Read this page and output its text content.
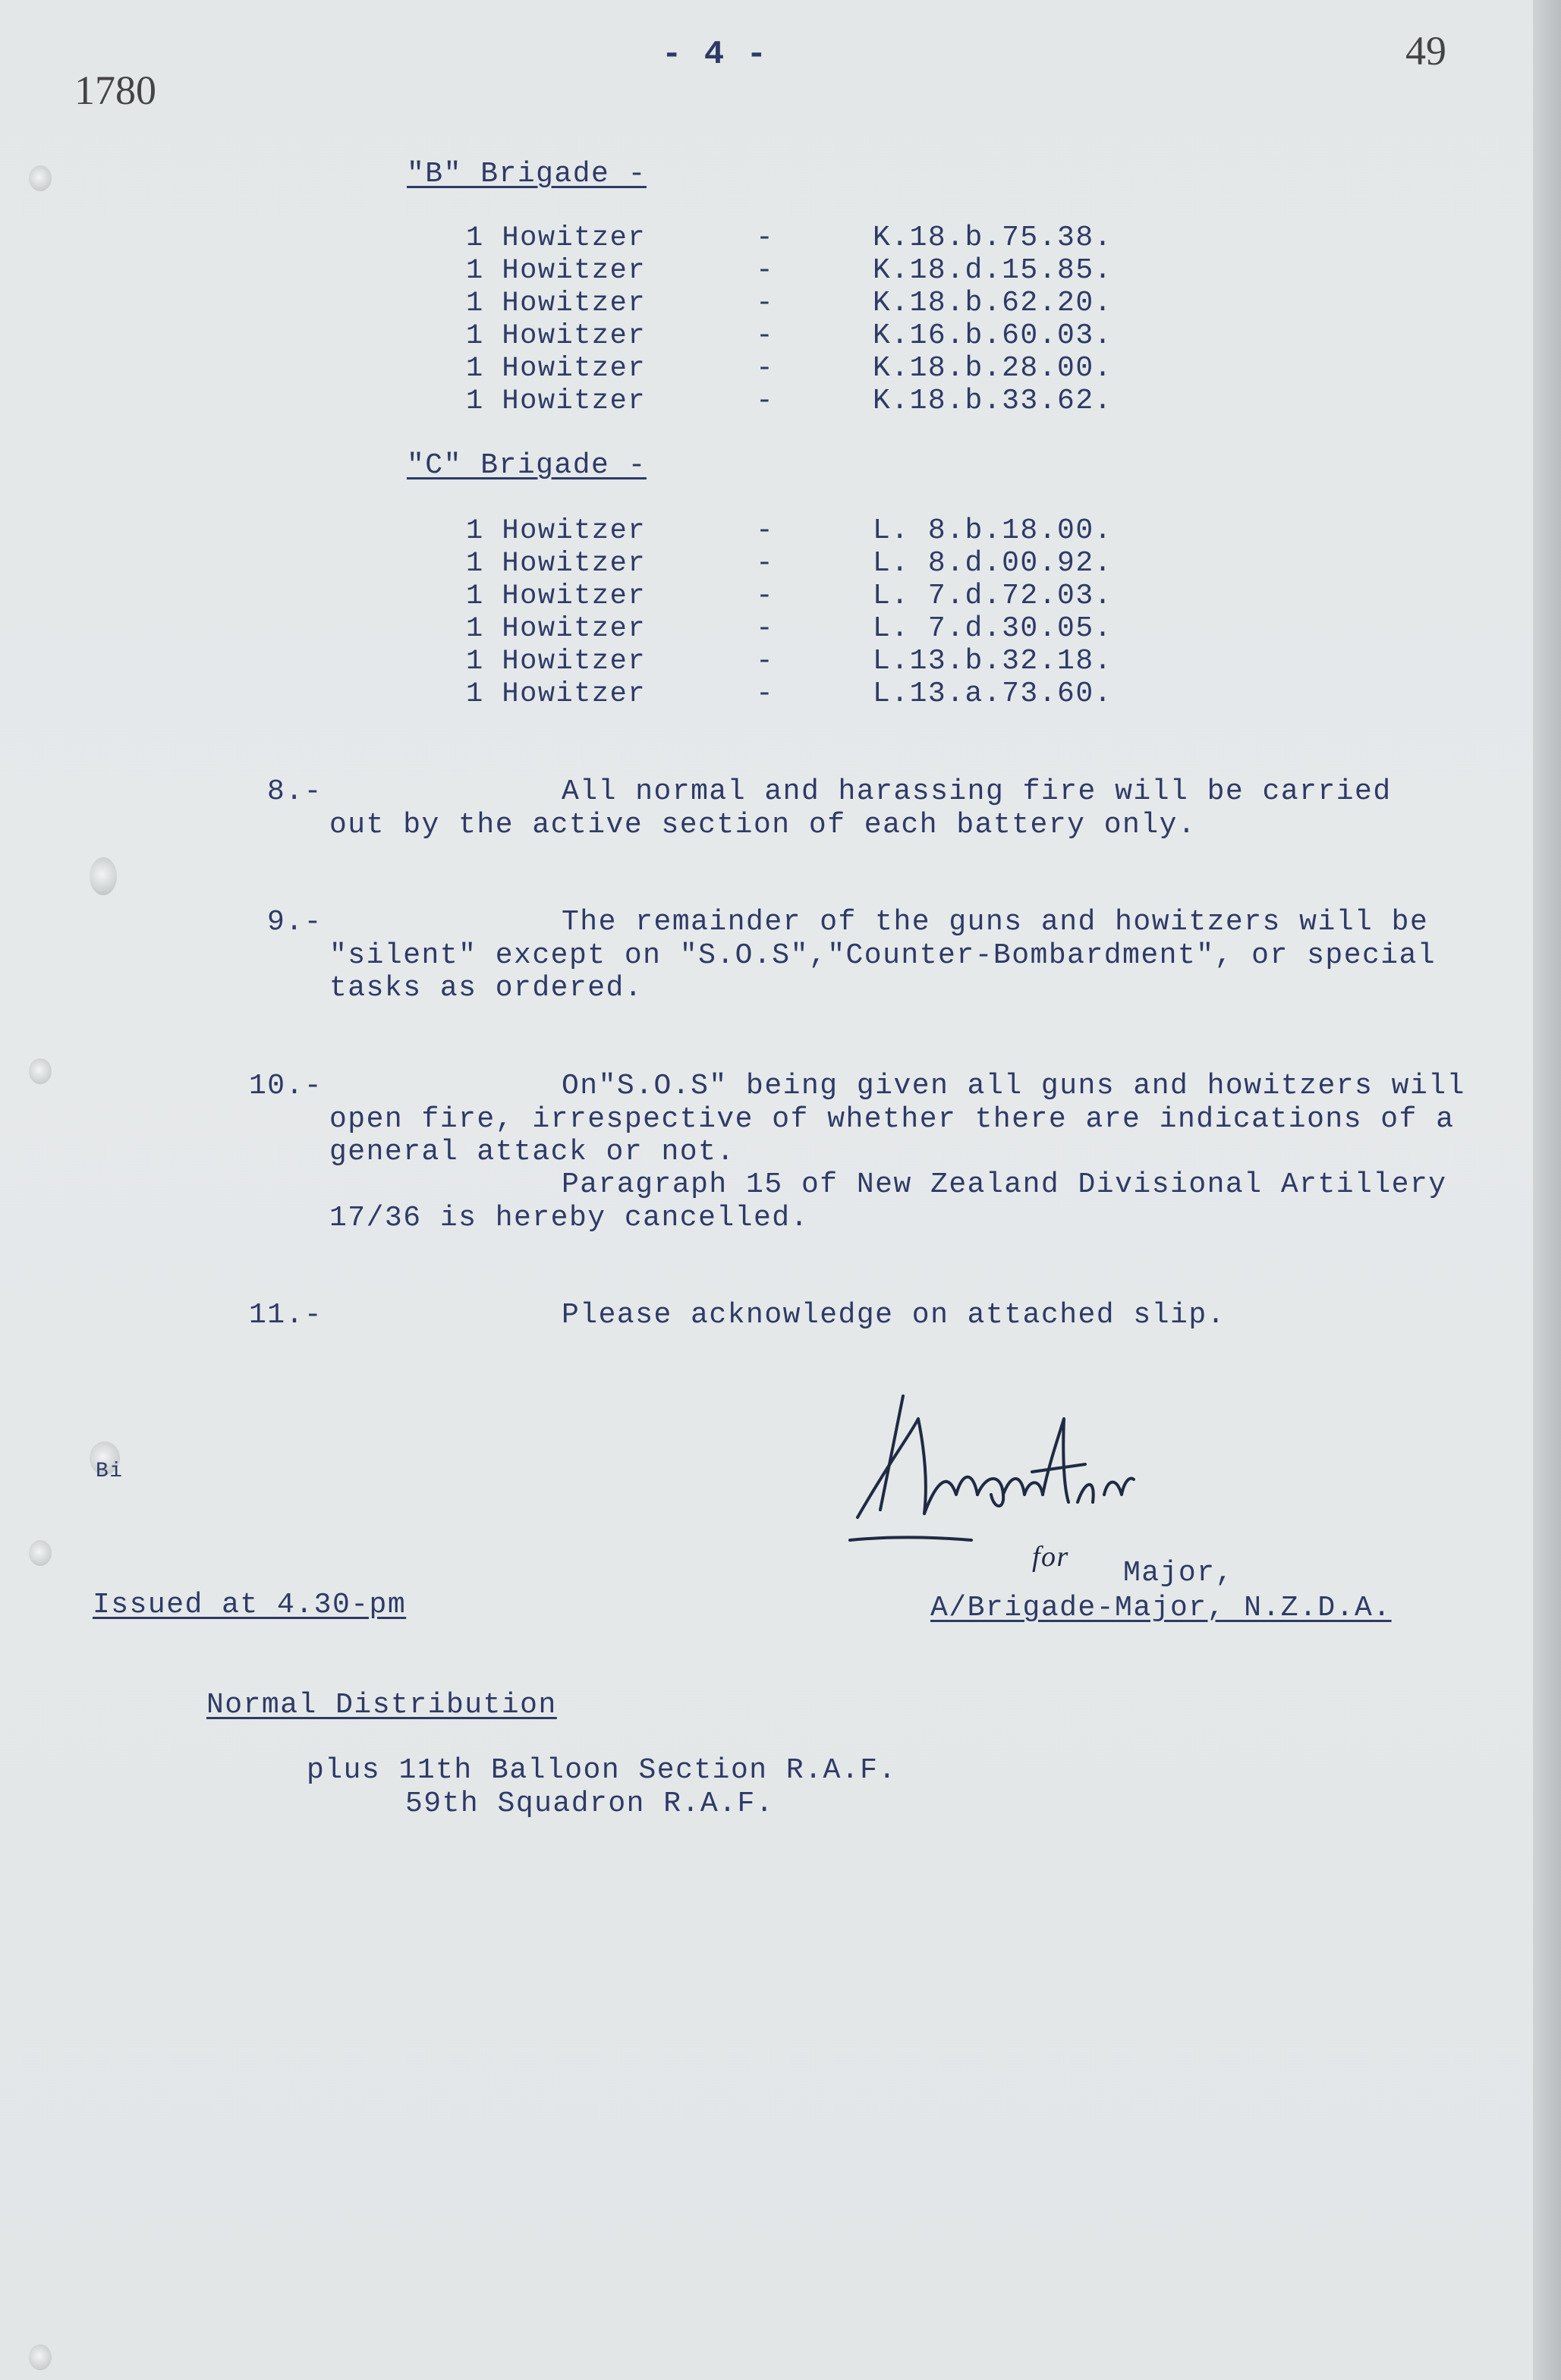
1780
49
- 4 -
"B" Brigade -
1 Howitzer	-	K.18.b.75.38.
1 Howitzer	-	K.18.d.15.85.
1 Howitzer	-	K.18.b.62.20.
1 Howitzer	-	K.16.b.60.03.
1 Howitzer	-	K.18.b.28.00.
1 Howitzer	-	K.18.b.33.62.
"C" Brigade -
1 Howitzer	-	L. 8.b.18.00.
1 Howitzer	-	L. 8.d.00.92.
1 Howitzer	-	L. 7.d.72.03.
1 Howitzer	-	L. 7.d.30.05.
1 Howitzer	-	L.13.b.32.18.
1 Howitzer	-	L.13.a.73.60.
8.-	All normal and harassing fire will be carried
out by the active section of each battery only.
9.-	The remainder of the guns and howitzers will be
"silent" except on "S.O.S","Counter-Bombardment", or special
tasks as ordered.
10.-	On"S.O.S" being given all guns and howitzers will
open fire, irrespective of whether there are indications of a
general attack or not.
Paragraph 15 of New Zealand Divisional Artillery
17/36 is hereby cancelled.
11.-	Please acknowledge on attached slip.
Bi
for Major,
A/Brigade-Major, N.Z.D.A.
Issued at 4.30-pm
Normal Distribution
plus 11th Balloon Section R.A.F.
59th Squadron R.A.F.
